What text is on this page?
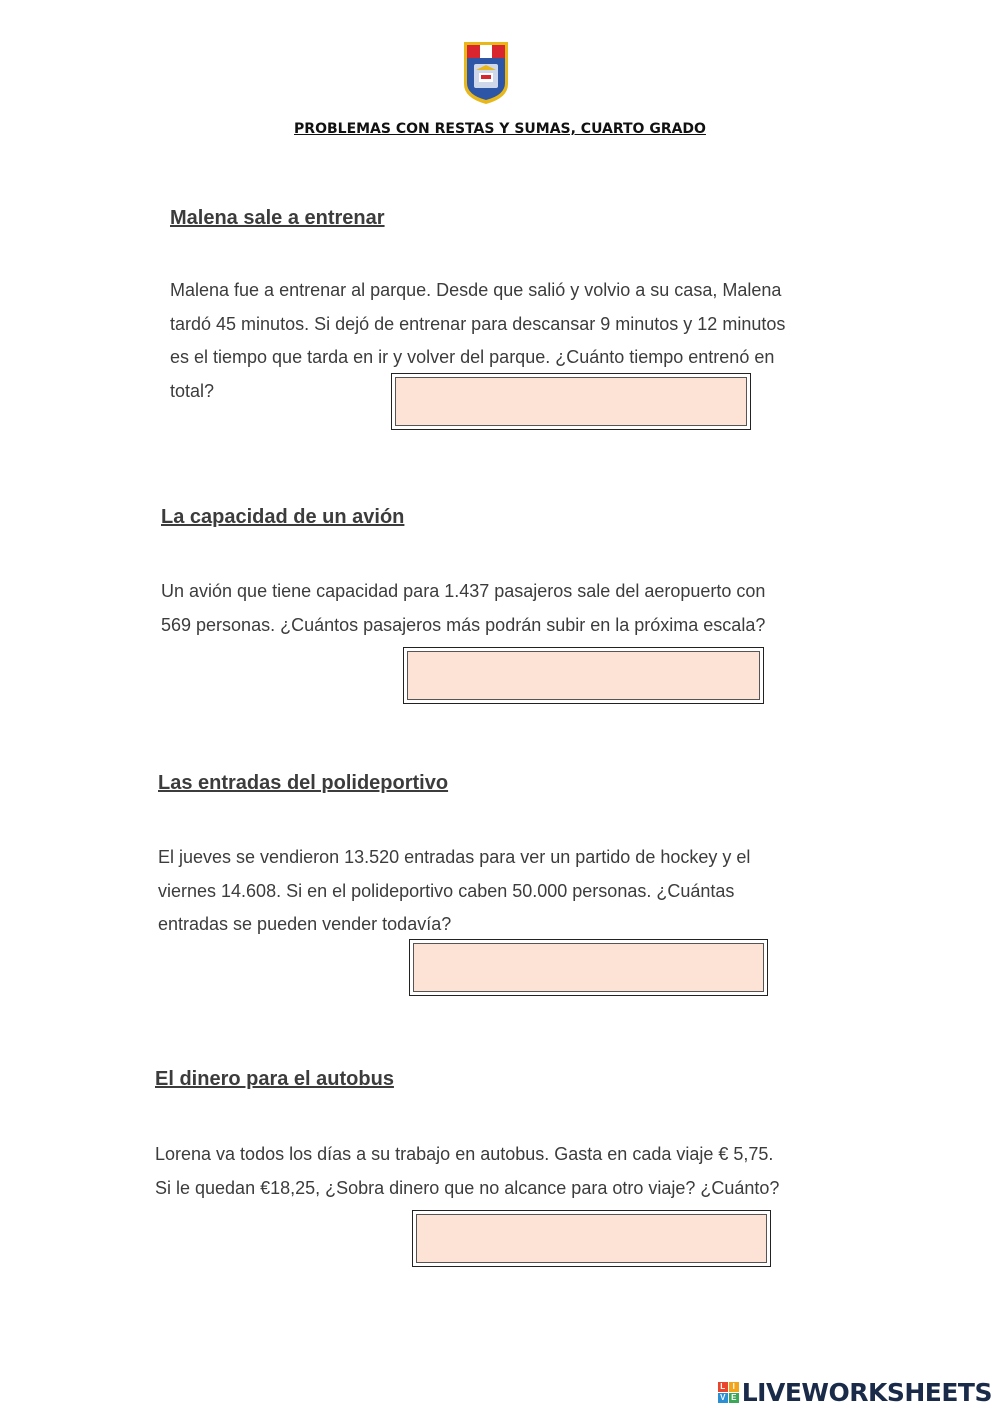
PROBLEMAS CON RESTAS Y SUMAS, CUARTO GRADO
Malena sale a entrenar
Malena fue a entrenar al parque. Desde que salió y volvio a su casa, Malena
tardó 45 minutos. Si dejó de entrenar para descansar 9 minutos y 12 minutos
es el tiempo que tarda en ir y volver del parque. ¿Cuánto tiempo entrenó en
total?
La capacidad de un avión
Un avión que tiene capacidad para 1.437 pasajeros sale del aeropuerto con
569 personas. ¿Cuántos pasajeros más podrán subir en la próxima escala?
Las entradas del polideportivo
El jueves se vendieron 13.520 entradas para ver un partido de hockey y el
viernes 14.608. Si en el polideportivo caben 50.000 personas. ¿Cuántas
entradas se pueden vender todavía?
El dinero para el autobus
Lorena va todos los días a su trabajo en autobus. Gasta en cada viaje € 5,75.
Si le quedan €18,25, ¿Sobra dinero que no alcance para otro viaje? ¿Cuánto?
L I
V E LIVEWORKSHEETS
